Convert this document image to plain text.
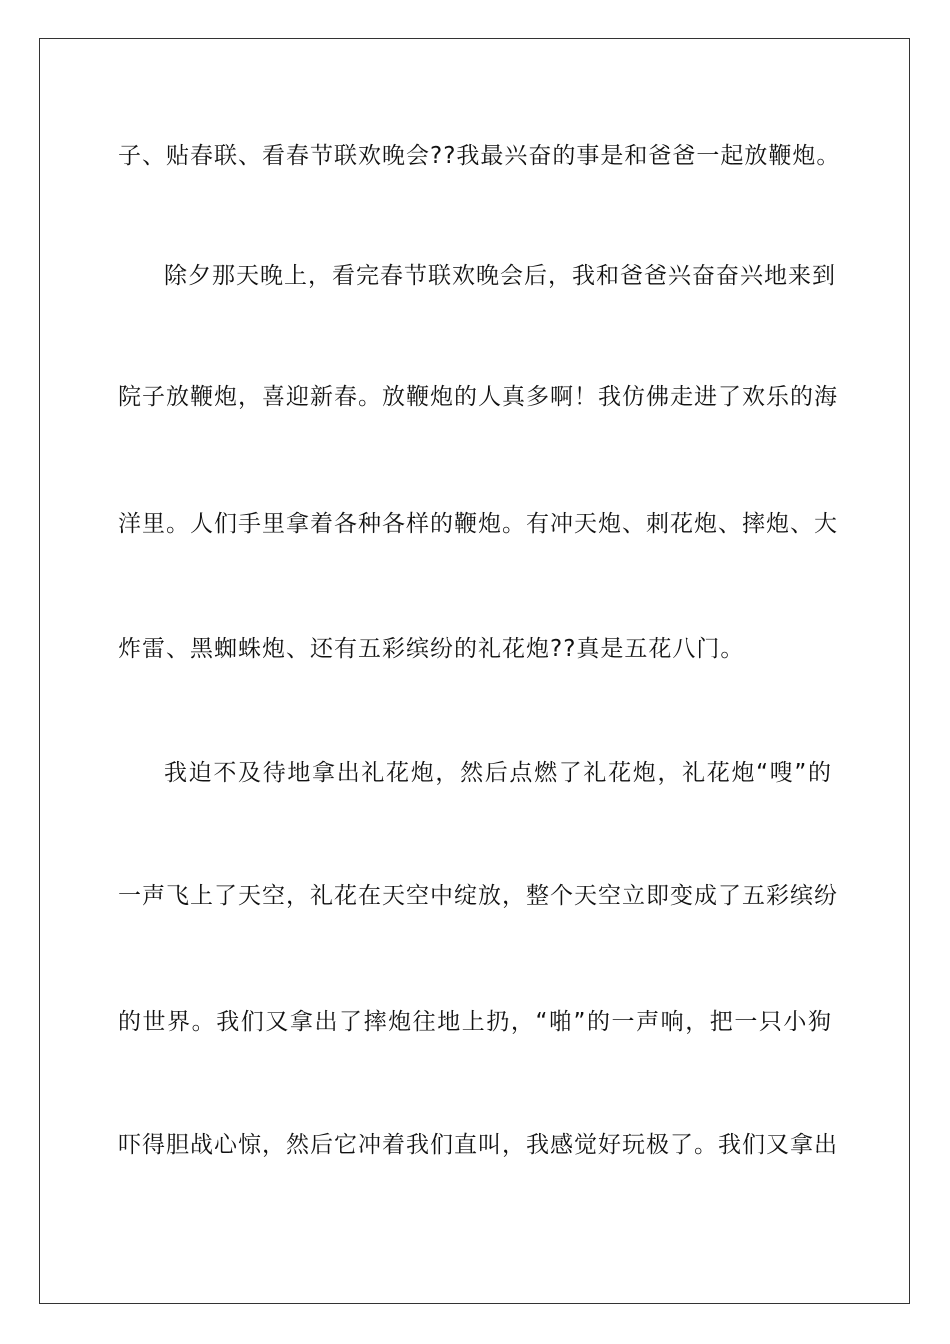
子、贴春联、看春节联欢晚会??我最兴奋的事是和爸爸一起放鞭炮。
除夕那天晚上，看完春节联欢晚会后，我和爸爸兴奋奋兴地来到
院子放鞭炮，喜迎新春。放鞭炮的人真多啊！我仿佛走进了欢乐的海
洋里。人们手里拿着各种各样的鞭炮。有冲天炮、刺花炮、摔炮、大
炸雷、黑蜘蛛炮、还有五彩缤纷的礼花炮??真是五花八门。
我迫不及待地拿出礼花炮，然后点燃了礼花炮，礼花炮“嗖”的
一声飞上了天空，礼花在天空中绽放，整个天空立即变成了五彩缤纷
的世界。我们又拿出了摔炮往地上扔，“啪”的一声响，把一只小狗
吓得胆战心惊，然后它冲着我们直叫，我感觉好玩极了。我们又拿出
